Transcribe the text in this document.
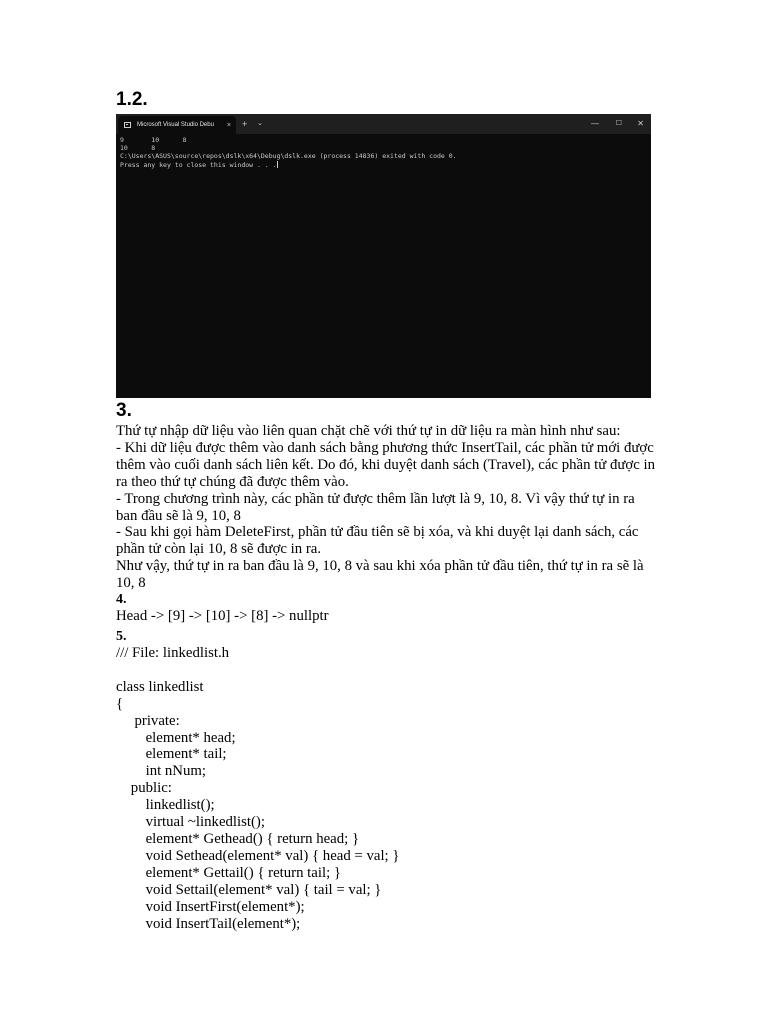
1.2.
Microsoft Visual Studio Debu	× + ⌄	— ☐ ✕
9       10      8
10      8
C:\Users\ASUS\source\repos\dslk\x64\Debug\dslk.exe (process 14836) exited with code 0.
Press any key to close this window . . .
3.

Thứ tự nhập dữ liệu vào liên quan chặt chẽ với thứ tự in dữ liệu ra màn hình như sau:

- Khi dữ liệu được thêm vào danh sách bằng phương thức InsertTail, các phần tử mới được thêm vào cuối danh sách liên kết. Do đó, khi duyệt danh sách (Travel), các phần tử được in ra theo thứ tự chúng đã được thêm vào.

- Trong chương trình này, các phần tử được thêm lần lượt là 9, 10, 8. Vì vậy thứ tự in ra ban đầu sẽ là 9, 10, 8

- Sau khi gọi hàm DeleteFirst, phần tử đầu tiên sẽ bị xóa, và khi duyệt lại danh sách, các phần tử còn lại 10, 8 sẽ được in ra.

Như vậy, thứ tự in ra ban đầu là 9, 10, 8 và sau khi xóa phần tử đầu tiên, thứ tự in ra sẽ là 10, 8

4.
Head -> [9] -> [10] -> [8] -> nullptr
5.
/// File: linkedlist.h

class linkedlist
{
private:
element* head;
element* tail;
int nNum;
public:
linkedlist();
virtual ~linkedlist();
element* Gethead() { return head; }
void Sethead(element* val) { head = val; }
element* Gettail() { return tail; }
void Settail(element* val) { tail = val; }
void InsertFirst(element*);
void InsertTail(element*);
